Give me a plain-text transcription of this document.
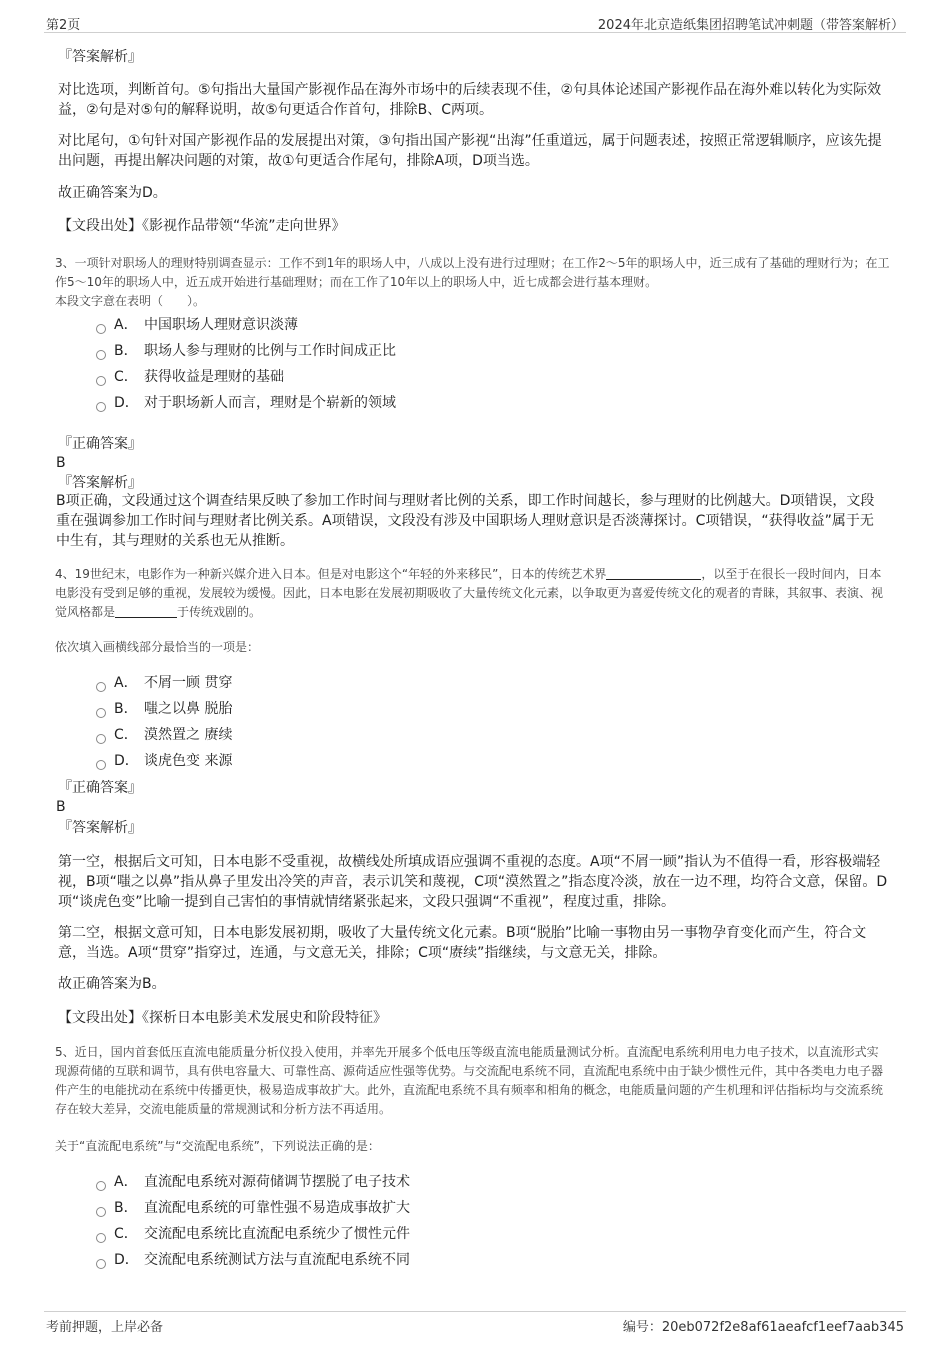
第2页	2024年北京造纸集团招聘笔试冲刺题（带答案解析）
『答案解析』
对比选项，判断首句。⑤句指出大量国产影视作品在海外市场中的后续表现不佳，②句具体论述国产影视作品在海外难以转化为实际效益，②句是对⑤句的解释说明，故⑤句更适合作首句，排除B、C两项。
对比尾句，①句针对国产影视作品的发展提出对策，③句指出国产影视“出海”任重道远，属于问题表述，按照正常逻辑顺序，应该先提出问题，再提出解决问题的对策，故①句更适合作尾句，排除A项，D项当选。
故正确答案为D。
【文段出处】《影视作品带领“华流”走向世界》
3、一项针对职场人的理财特别调查显示：工作不到1年的职场人中，八成以上没有进行过理财；在工作2～5年的职场人中，近三成有了基础的理财行为；在工作5～10年的职场人中，近五成开始进行基础理财；而在工作了10年以上的职场人中，近七成都会进行基本理财。
本段文字意在表明（　　）。
A． 中国职场人理财意识淡薄
B． 职场人参与理财的比例与工作时间成正比
C． 获得收益是理财的基础
D． 对于职场新人而言，理财是个崭新的领域
『正确答案』
B
『答案解析』
B项正确，文段通过这个调查结果反映了参加工作时间与理财者比例的关系，即工作时间越长，参与理财的比例越大。D项错误，文段重在强调参加工作时间与理财者比例关系。A项错误，文段没有涉及中国职场人理财意识是否淡薄探讨。C项错误，“获得收益”属于无中生有，其与理财的关系也无从推断。
4、19世纪末，电影作为一种新兴媒介进入日本。但是对电影这个“年轻的外来移民”，日本的传统艺术界	，以至于在很长一段时间内，日本电影没有受到足够的重视，发展较为缓慢。因此，日本电影在发展初期吸收了大量传统文化元素，以争取更为喜爱传统文化的观者的青睐，其叙事、表演、视觉风格都是	于传统戏剧的。
依次填入画横线部分最恰当的一项是：
A． 不屑一顾 贯穿
B． 嗤之以鼻 脱胎
C． 漠然置之 赓续
D． 谈虎色变 来源
『正确答案』
B
『答案解析』
第一空，根据后文可知，日本电影不受重视，故横线处所填成语应强调不重视的态度。A项“不屑一顾”指认为不值得一看，形容极端轻视，B项“嗤之以鼻”指从鼻子里发出冷笑的声音，表示讥笑和蔑视，C项“漠然置之”指态度冷淡，放在一边不理，均符合文意，保留。D项“谈虎色变”比喻一提到自己害怕的事情就情绪紧张起来，文段只强调“不重视”，程度过重，排除。
第二空，根据文意可知，日本电影发展初期，吸收了大量传统文化元素。B项“脱胎”比喻一事物由另一事物孕育变化而产生，符合文意，当选。A项“贯穿”指穿过，连通，与文意无关，排除；C项“赓续”指继续，与文意无关，排除。
故正确答案为B。
【文段出处】《探析日本电影美术发展史和阶段特征》
5、近日，国内首套低压直流电能质量分析仪投入使用，并率先开展多个低电压等级直流电能质量测试分析。直流配电系统利用电力电子技术，以直流形式实现源荷储的互联和调节，具有供电容量大、可靠性高、源荷适应性强等优势。与交流配电系统不同，直流配电系统中由于缺少惯性元件，其中各类电力电子器件产生的电能扰动在系统中传播更快，极易造成事故扩大。此外，直流配电系统不具有频率和相角的概念，电能质量问题的产生机理和评估指标均与交流系统存在较大差异，交流电能质量的常规测试和分析方法不再适用。
关于“直流配电系统”与“交流配电系统”，下列说法正确的是：
A． 直流配电系统对源荷储调节摆脱了电子技术
B． 直流配电系统的可靠性强不易造成事故扩大
C． 交流配电系统比直流配电系统少了惯性元件
D． 交流配电系统测试方法与直流配电系统不同
考前押题，上岸必备	编号：20eb072f2e8af61aeafcf1eef7aab345
